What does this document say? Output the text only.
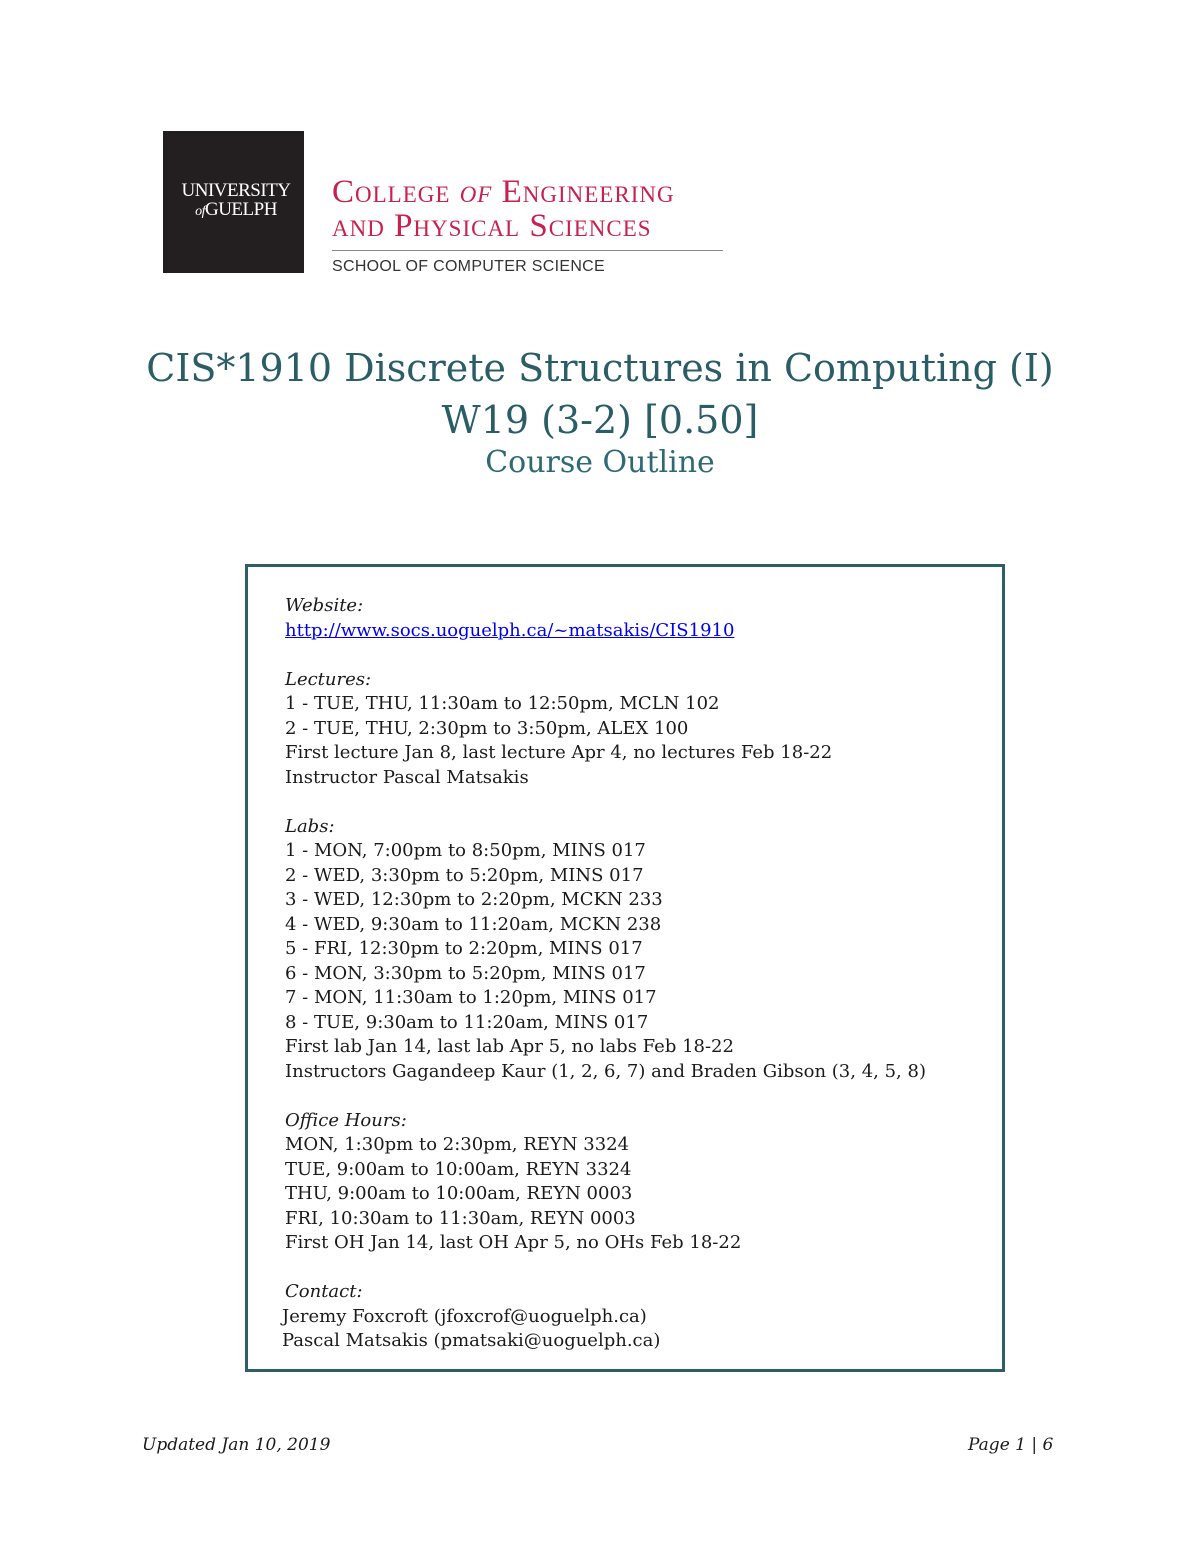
UNIVERSITY
ofGUELPH	College of Engineering
and Physical Sciences
SCHOOL OF COMPUTER SCIENCE
CIS*1910 Discrete Structures in Computing (I)
W19 (3-2) [0.50]
Course Outline
Website:
http://www.socs.uoguelph.ca/~matsakis/CIS1910
Lectures:
1 - TUE, THU, 11:30am to 12:50pm, MCLN 102
2 - TUE, THU, 2:30pm to 3:50pm, ALEX 100
First lecture Jan 8, last lecture Apr 4, no lectures Feb 18-22
Instructor Pascal Matsakis
Labs:
1 - MON, 7:00pm to 8:50pm, MINS 017
2 - WED, 3:30pm to 5:20pm, MINS 017
3 - WED, 12:30pm to 2:20pm, MCKN 233
4 - WED, 9:30am to 11:20am, MCKN 238
5 - FRI, 12:30pm to 2:20pm, MINS 017
6 - MON, 3:30pm to 5:20pm, MINS 017
7 - MON, 11:30am to 1:20pm, MINS 017
8 - TUE, 9:30am to 11:20am, MINS 017
First lab Jan 14, last lab Apr 5, no labs Feb 18-22
Instructors Gagandeep Kaur (1, 2, 6, 7) and Braden Gibson (3, 4, 5, 8)
Office Hours:
MON, 1:30pm to 2:30pm, REYN 3324
TUE, 9:00am to 10:00am, REYN 3324
THU, 9:00am to 10:00am, REYN 0003
FRI, 10:30am to 11:30am, REYN 0003
First OH Jan 14, last OH Apr 5, no OHs Feb 18-22
Contact:
Jeremy Foxcroft (jfoxcrof@uoguelph.ca)
Pascal Matsakis (pmatsaki@uoguelph.ca)
Updated Jan 10, 2019	Page 1 | 6
